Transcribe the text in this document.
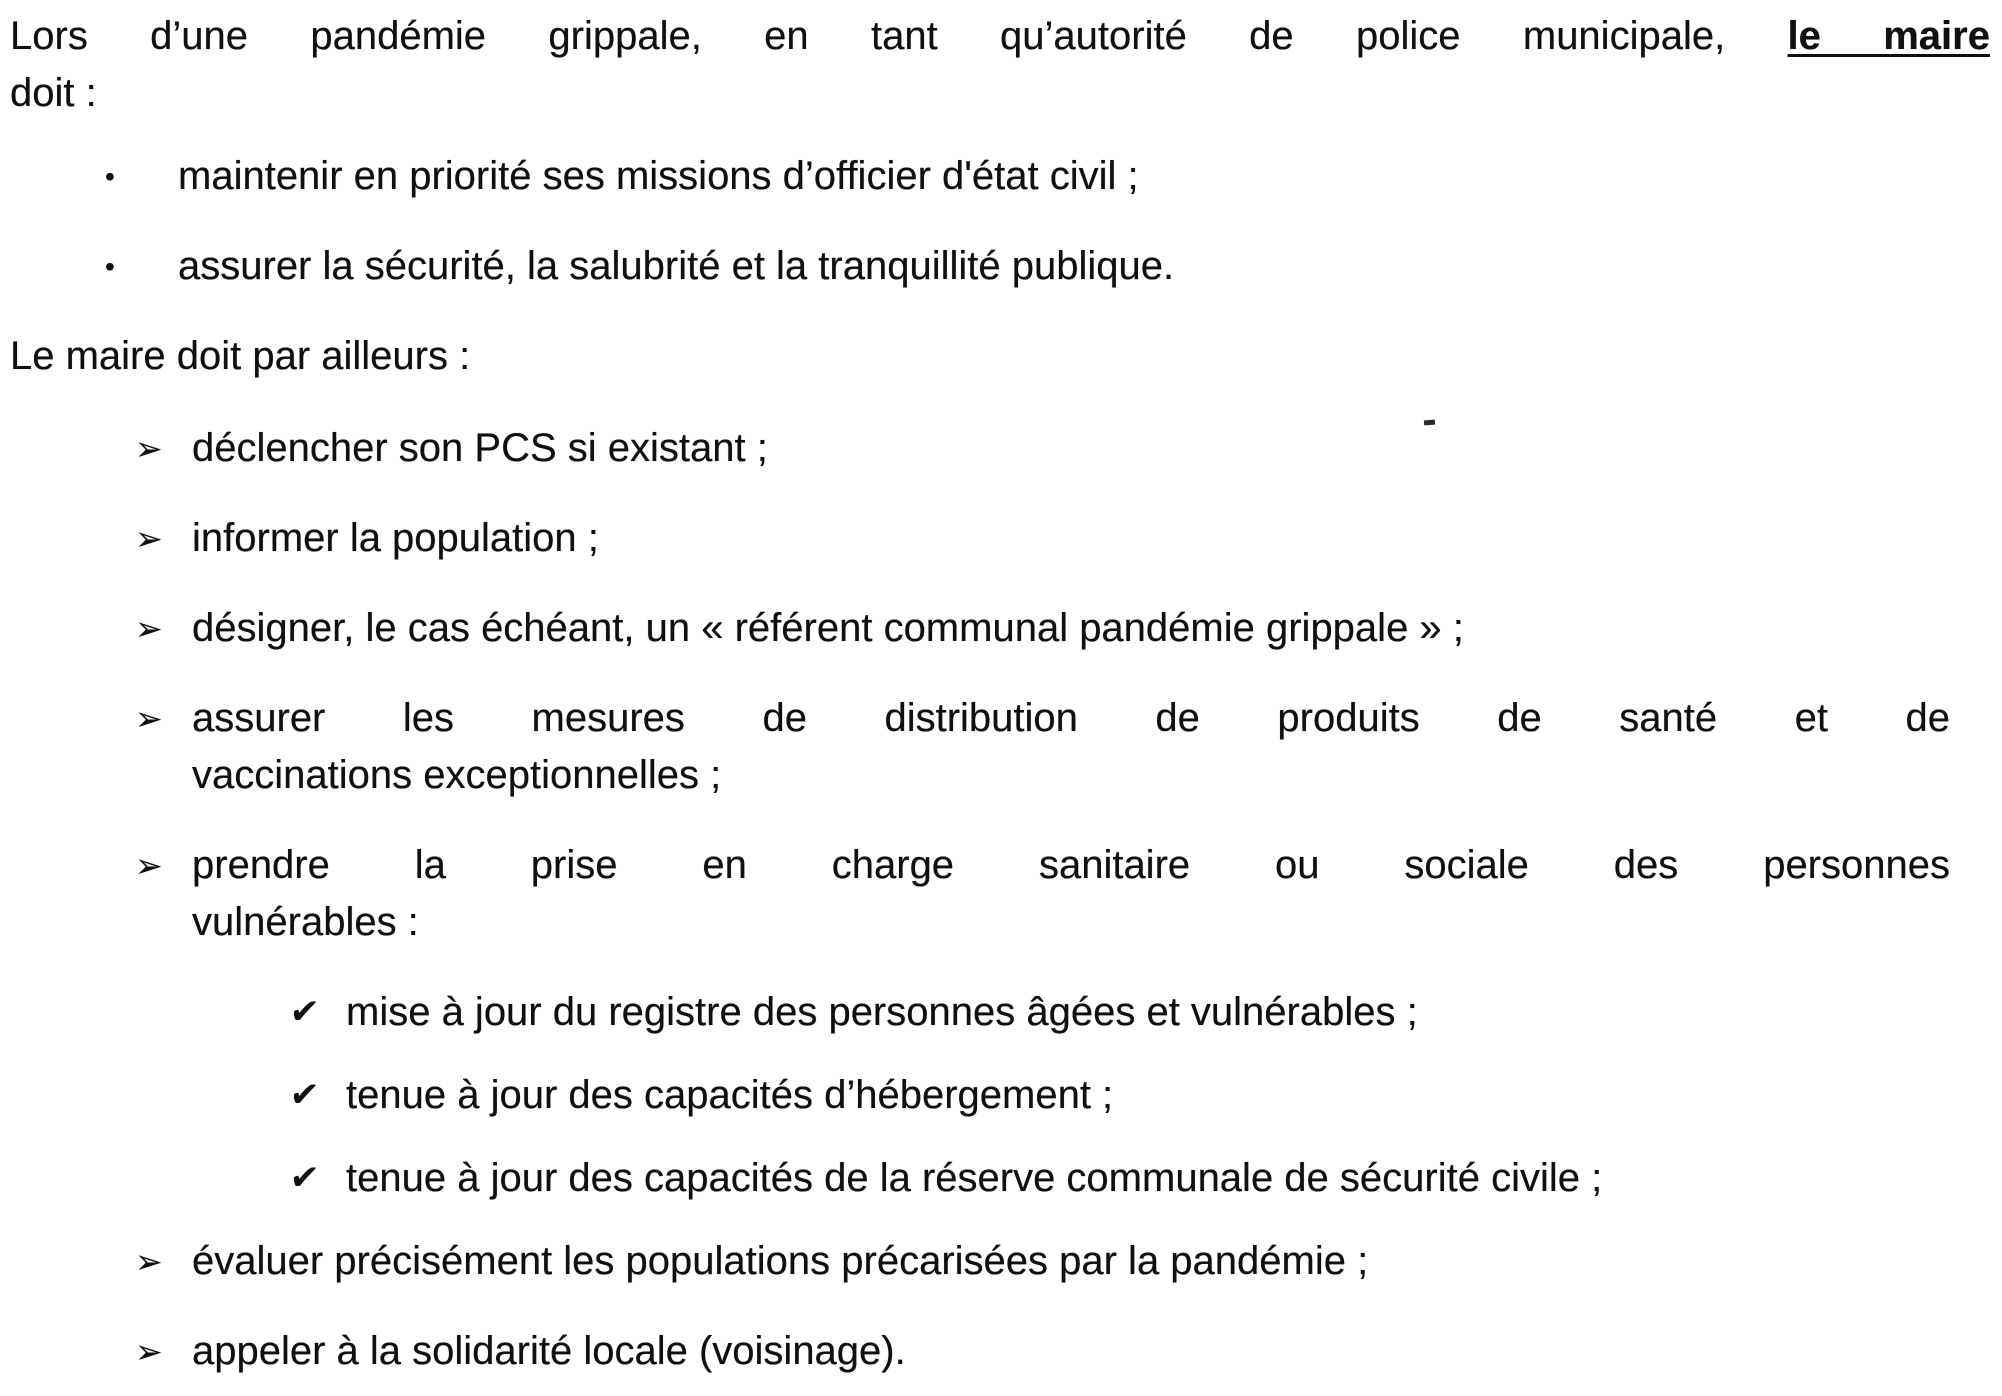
Lors d’une pandémie grippale, en tant qu’autorité de police municipale, le maire
doit :

•	maintenir en priorité ses missions d’officier d'état civil ;
•	assurer la sécurité, la salubrité et la tranquillité publique.

Le maire doit par ailleurs :

➢ déclencher son PCS si existant ;
➢ informer la population ;
➢ désigner, le cas échéant, un « référent communal pandémie grippale » ;
➢ assurer les mesures de distribution de produits de santé et de
vaccinations exceptionnelles ;
➢ prendre la prise en charge sanitaire ou sociale des personnes
vulnérables :
✔ mise à jour du registre des personnes âgées et vulnérables ;
✔ tenue à jour des capacités d’hébergement ;
✔ tenue à jour des capacités de la réserve communale de sécurité civile ;
➢ évaluer précisément les populations précarisées par la pandémie ;
➢ appeler à la solidarité locale (voisinage).
